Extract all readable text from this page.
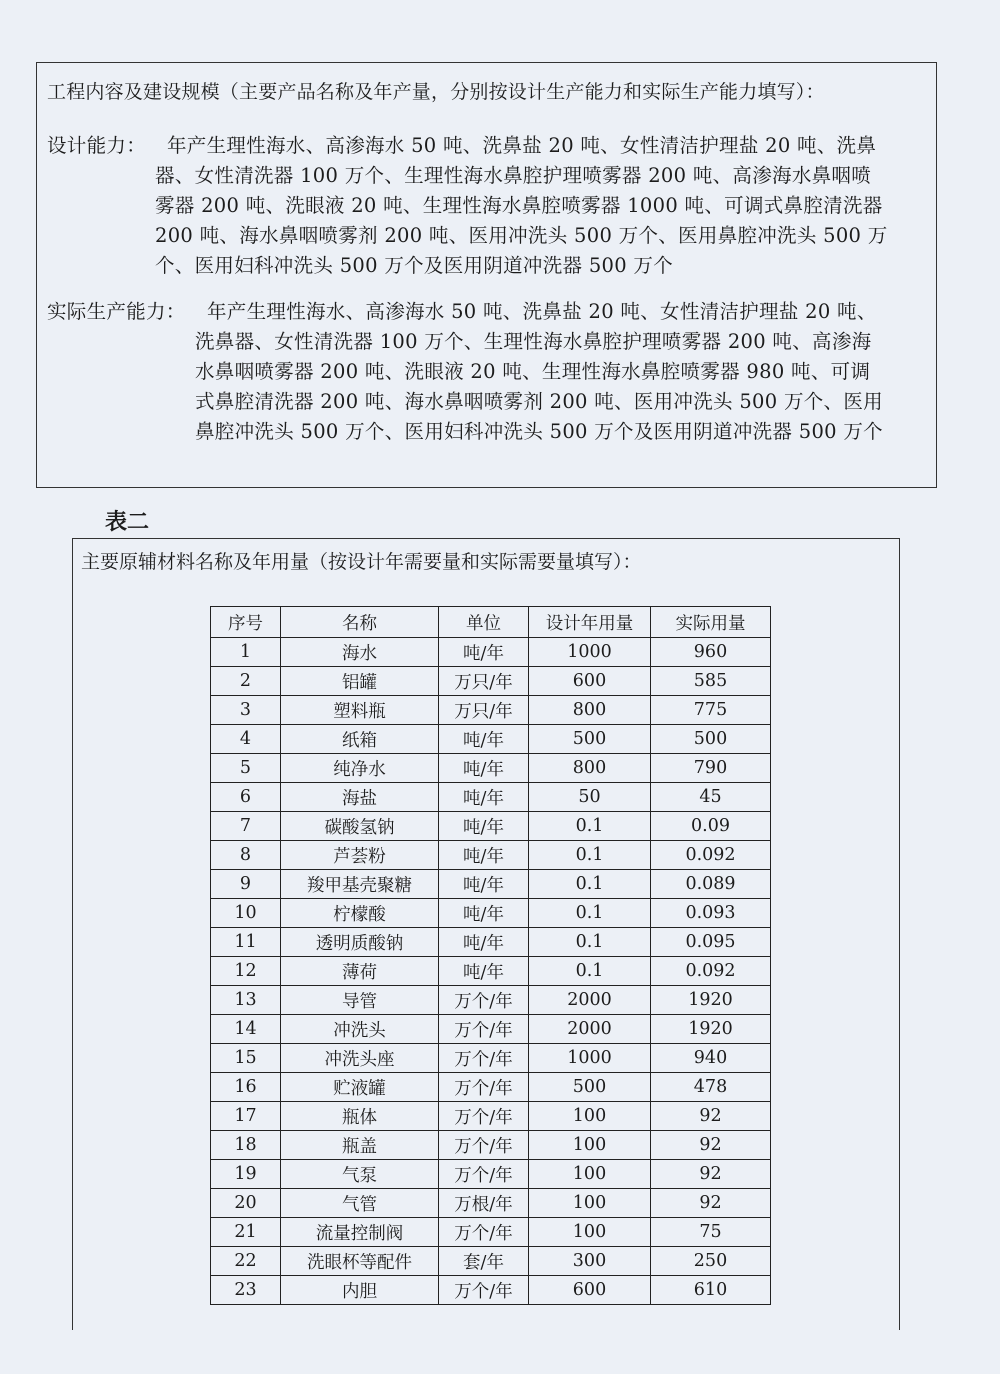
工程内容及建设规模（主要产品名称及年产量，分别按设计生产能力和实际生产能力填写）：
设计能力： 年产生理性海水、高渗海水 50 吨、洗鼻盐 20 吨、女性清洁护理盐 20 吨、洗鼻
器、女性清洗器 100 万个、生理性海水鼻腔护理喷雾器 200 吨、高渗海水鼻咽喷
雾器 200 吨、洗眼液 20 吨、生理性海水鼻腔喷雾器 1000 吨、可调式鼻腔清洗器
200 吨、海水鼻咽喷雾剂 200 吨、医用冲洗头 500 万个、医用鼻腔冲洗头 500 万
个、医用妇科冲洗头 500 万个及医用阴道冲洗器 500 万个
实际生产能力： 年产生理性海水、高渗海水 50 吨、洗鼻盐 20 吨、女性清洁护理盐 20 吨、
洗鼻器、女性清洗器 100 万个、生理性海水鼻腔护理喷雾器 200 吨、高渗海
水鼻咽喷雾器 200 吨、洗眼液 20 吨、生理性海水鼻腔喷雾器 980 吨、可调
式鼻腔清洗器 200 吨、海水鼻咽喷雾剂 200 吨、医用冲洗头 500 万个、医用
鼻腔冲洗头 500 万个、医用妇科冲洗头 500 万个及医用阴道冲洗器 500 万个
表二
主要原辅材料名称及年用量（按设计年需要量和实际需要量填写）：
序号	名称	单位	设计年用量	实际用量
1	海水	吨/年	1000	960
2	铝罐	万只/年	600	585
3	塑料瓶	万只/年	800	775
4	纸箱	吨/年	500	500
5	纯净水	吨/年	800	790
6	海盐	吨/年	50	45
7	碳酸氢钠	吨/年	0.1	0.09
8	芦荟粉	吨/年	0.1	0.092
9	羧甲基壳聚糖	吨/年	0.1	0.089
10	柠檬酸	吨/年	0.1	0.093
11	透明质酸钠	吨/年	0.1	0.095
12	薄荷	吨/年	0.1	0.092
13	导管	万个/年	2000	1920
14	冲洗头	万个/年	2000	1920
15	冲洗头座	万个/年	1000	940
16	贮液罐	万个/年	500	478
17	瓶体	万个/年	100	92
18	瓶盖	万个/年	100	92
19	气泵	万个/年	100	92
20	气管	万根/年	100	92
21	流量控制阀	万个/年	100	75
22	洗眼杯等配件	套/年	300	250
23	内胆	万个/年	600	610
